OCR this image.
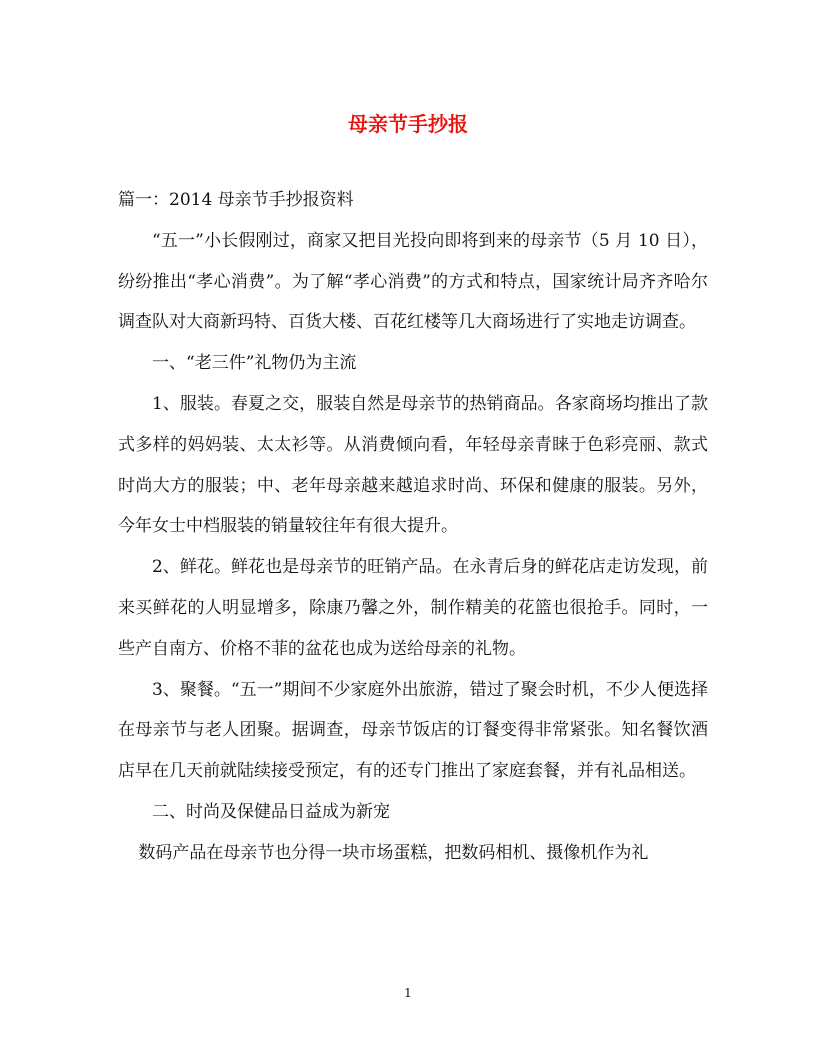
母亲节手抄报

篇一：2014 母亲节手抄报资料

“五一”小长假刚过，商家又把目光投向即将到来的母亲节（5 月 10 日），纷纷推出“孝心消费”。为了解“孝心消费”的方式和特点，国家统计局齐齐哈尔调查队对大商新玛特、百货大楼、百花红楼等几大商场进行了实地走访调查。

一、“老三件”礼物仍为主流

1、服装。春夏之交，服装自然是母亲节的热销商品。各家商场均推出了款式多样的妈妈装、太太衫等。从消费倾向看，年轻母亲青睐于色彩亮丽、款式时尚大方的服装；中、老年母亲越来越追求时尚、环保和健康的服装。另外，今年女士中档服装的销量较往年有很大提升。

2、鲜花。鲜花也是母亲节的旺销产品。在永青后身的鲜花店走访发现，前来买鲜花的人明显增多，除康乃馨之外，制作精美的花篮也很抢手。同时，一些产自南方、价格不菲的盆花也成为送给母亲的礼物。

3、聚餐。“五一”期间不少家庭外出旅游，错过了聚会时机，不少人便选择在母亲节与老人团聚。据调查，母亲节饭店的订餐变得非常紧张。知名餐饮酒店早在几天前就陆续接受预定，有的还专门推出了家庭套餐，并有礼品相送。

二、时尚及保健品日益成为新宠

数码产品在母亲节也分得一块市场蛋糕，把数码相机、摄像机作为礼

1
